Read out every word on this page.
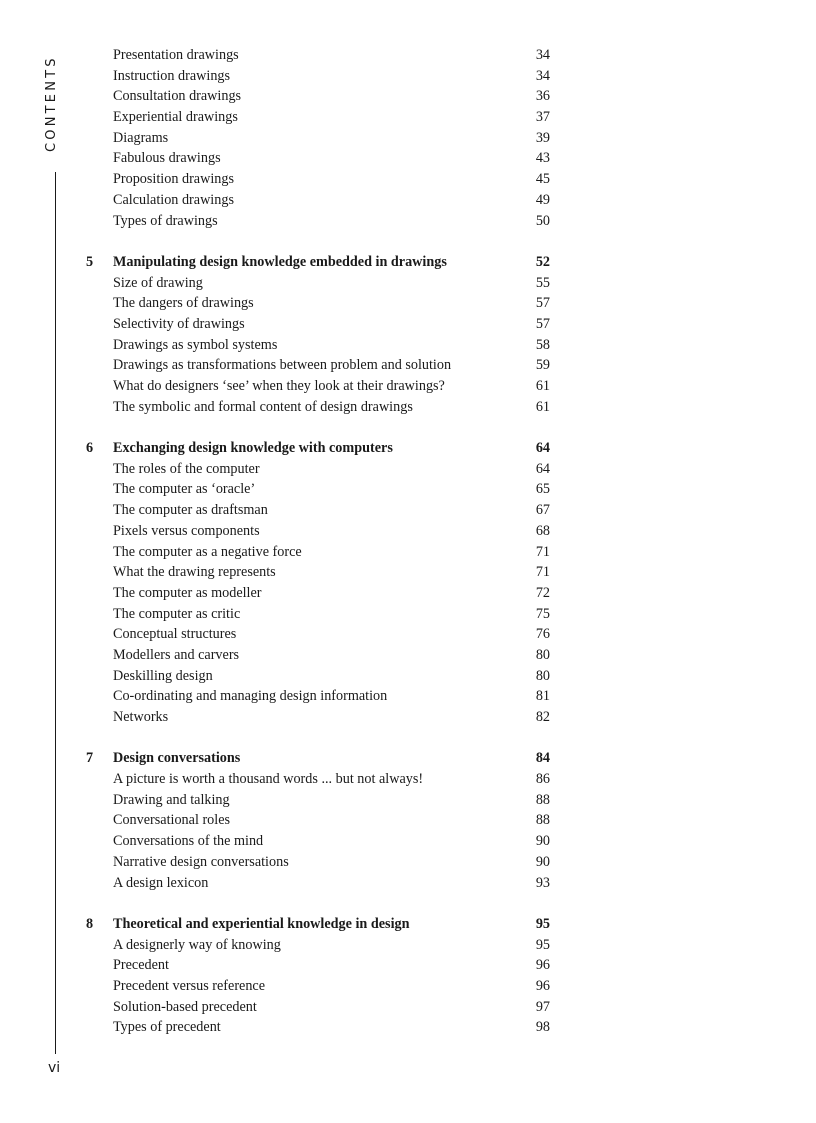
CONTENTS
vi
Presentation drawings	34
Instruction drawings	34
Consultation drawings	36
Experiential drawings	37
Diagrams	39
Fabulous drawings	43
Proposition drawings	45
Calculation drawings	49
Types of drawings	50
5	Manipulating design knowledge embedded in drawings	52
Size of drawing	55
The dangers of drawings	57
Selectivity of drawings	57
Drawings as symbol systems	58
Drawings as transformations between problem and solution	59
What do designers ‘see’ when they look at their drawings?	61
The symbolic and formal content of design drawings	61
6	Exchanging design knowledge with computers	64
The roles of the computer	64
The computer as ‘oracle’	65
The computer as draftsman	67
Pixels versus components	68
The computer as a negative force	71
What the drawing represents	71
The computer as modeller	72
The computer as critic	75
Conceptual structures	76
Modellers and carvers	80
Deskilling design	80
Co-ordinating and managing design information	81
Networks	82
7	Design conversations	84
A picture is worth a thousand words ... but not always!	86
Drawing and talking	88
Conversational roles	88
Conversations of the mind	90
Narrative design conversations	90
A design lexicon	93
8	Theoretical and experiential knowledge in design	95
A designerly way of knowing	95
Precedent	96
Precedent versus reference	96
Solution-based precedent	97
Types of precedent	98
